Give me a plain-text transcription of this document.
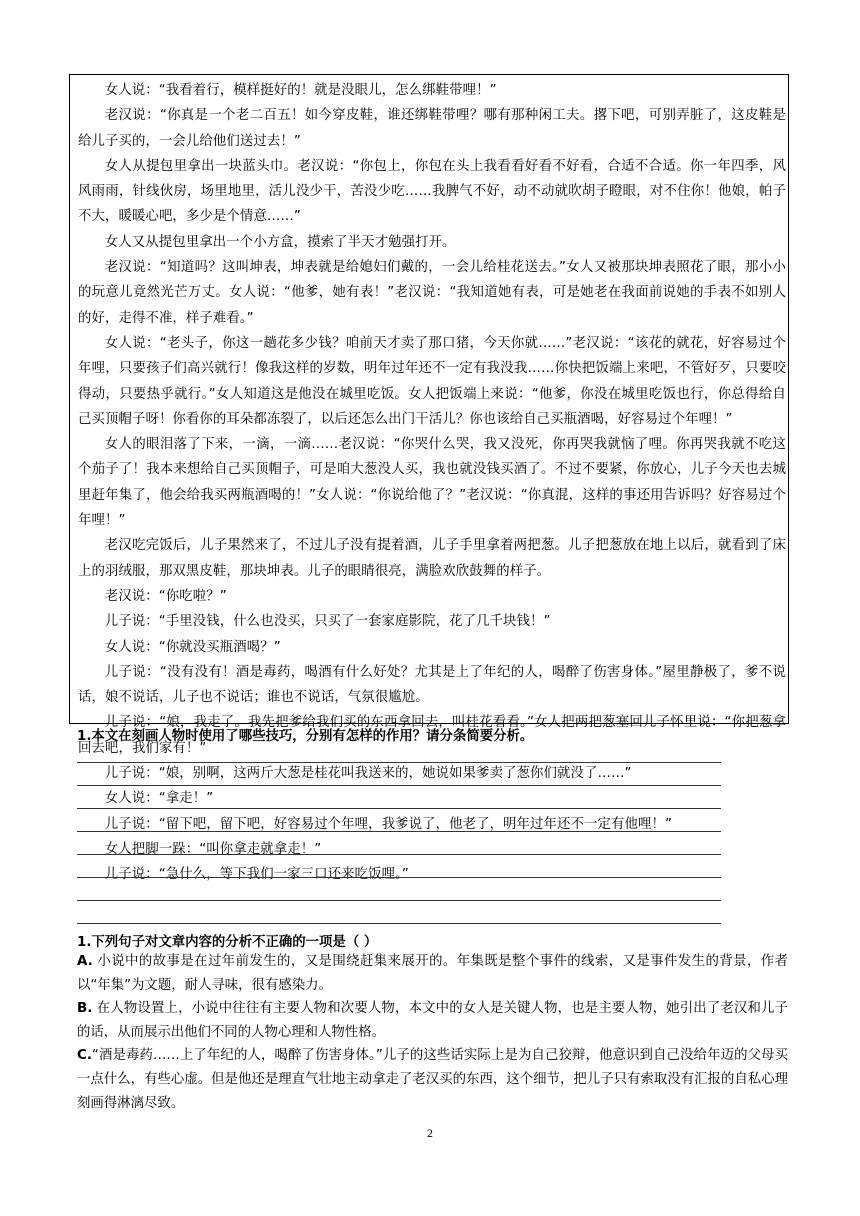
女人说：“我看着行，模样挺好的！就是没眼儿，怎么绑鞋带哩！”

老汉说：“你真是一个老二百五！如今穿皮鞋，谁还绑鞋带哩？哪有那种闲工夫。撂下吧，可别弄脏了，这皮鞋是给儿子买的，一会儿给他们送过去！”

女人从提包里拿出一块蓝头巾。老汉说：“你包上，你包在头上我看看好看不好看，合适不合适。你一年四季，风风雨雨，针线伙房，场里地里，活儿没少干，苦没少吃……我脾气不好，动不动就吹胡子瞪眼，对不住你！他娘，帕子不大，暖暖心吧，多少是个情意……”

女人又从提包里拿出一个小方盒，摸索了半天才勉强打开。

老汉说：“知道吗？这叫坤表，坤表就是给媳妇们戴的，一会儿给桂花送去。”女人又被那块坤表照花了眼，那小小的玩意儿竟然光芒万丈。女人说：“他爹，她有表！”老汉说：“我知道她有表，可是她老在我面前说她的手表不如别人的好，走得不准，样子难看。”

女人说：“老头子，你这一趟花多少钱？咱前天才卖了那口猪，今天你就……”老汉说：“该花的就花，好容易过个年哩，只要孩子们高兴就行！像我这样的岁数，明年过年还不一定有我没我……你快把饭端上来吧，不管好歹，只要咬得动，只要热乎就行。”女人知道这是他没在城里吃饭。女人把饭端上来说：“他爹，你没在城里吃饭也行，你总得给自己买顶帽子呀！你看你的耳朵都冻裂了，以后还怎么出门干活儿？你也该给自己买瓶酒喝，好容易过个年哩！”

女人的眼泪落了下来，一滴，一滴……老汉说：“你哭什么哭，我又没死，你再哭我就恼了哩。你再哭我就不吃这个茄子了！我本来想给自己买顶帽子，可是咱大葱没人买，我也就没钱买酒了。不过不要紧，你放心，儿子今天也去城里赶年集了，他会给我买两瓶酒喝的！”女人说：“你说给他了？”老汉说：“你真混，这样的事还用告诉吗？好容易过个年哩！”

老汉吃完饭后，儿子果然来了，不过儿子没有提着酒，儿子手里拿着两把葱。儿子把葱放在地上以后，就看到了床上的羽绒服，那双黑皮鞋，那块坤表。儿子的眼睛很亮，满脸欢欣鼓舞的样子。

老汉说：“你吃啦？”

儿子说：“手里没钱，什么也没买，只买了一套家庭影院，花了几千块钱！”

女人说：“你就没买瓶酒喝？”

儿子说：“没有没有！酒是毒药，喝酒有什么好处？尤其是上了年纪的人，喝醉了伤害身体。”屋里静极了，爹不说话，娘不说话，儿子也不说话；谁也不说话，气氛很尴尬。

儿子说：“娘，我走了。我先把爹给我们买的东西拿回去，叫桂花看看。”女人把两把葱塞回儿子怀里说：“你把葱拿回去吧，我们家有！”

儿子说：“娘，别啊，这两斤大葱是桂花叫我送来的，她说如果爹卖了葱你们就没了……”

女人说：“拿走！”

儿子说：“留下吧，留下吧，好容易过个年哩，我爹说了，他老了，明年过年还不一定有他哩！”

女人把脚一跺：“叫你拿走就拿走！”

儿子说：“急什么，等下我们一家三口还来吃饭哩。”

1.本文在刻画人物时使用了哪些技巧，分别有怎样的作用？请分条简要分析。
1.下列句子对文章内容的分析不正确的一项是（ ）

A. 小说中的故事是在过年前发生的，又是围绕赶集来展开的。年集既是整个事件的线索，又是事件发生的背景，作者以“年集”为文题，耐人寻味，很有感染力。

B. 在人物设置上，小说中往往有主要人物和次要人物，本文中的女人是关键人物，也是主要人物，她引出了老汉和儿子的话，从而展示出他们不同的人物心理和人物性格。

C.“酒是毒药……上了年纪的人，喝醉了伤害身体。”儿子的这些话实际上是为自己狡辩，他意识到自己没给年迈的父母买一点什么，有些心虚。但是他还是理直气壮地主动拿走了老汉买的东西，这个细节，把儿子只有索取没有汇报的自私心理刻画得淋漓尽致。

2
